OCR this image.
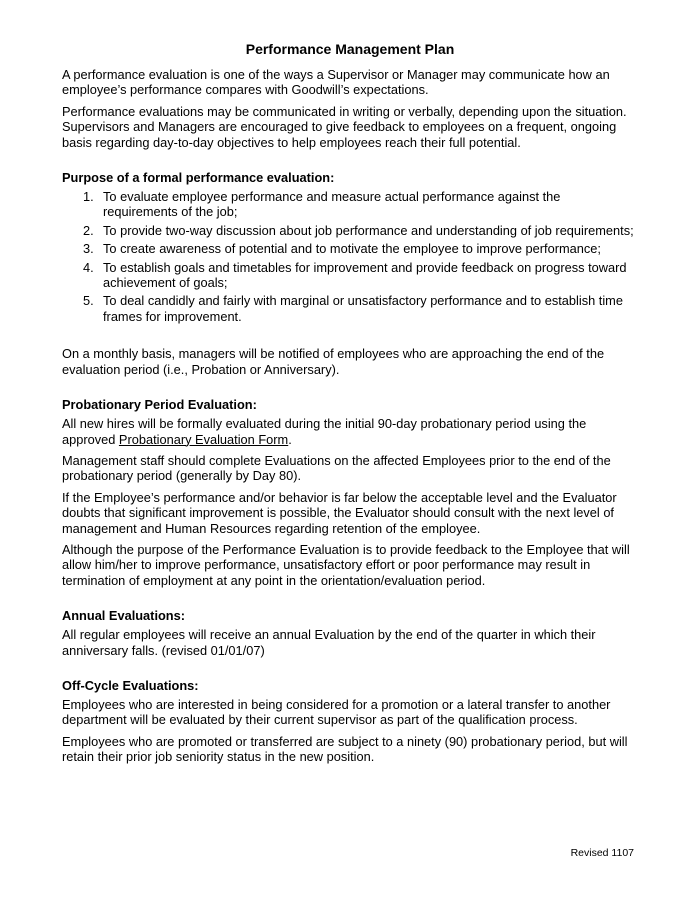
Performance Management Plan

A performance evaluation is one of the ways a Supervisor or Manager may communicate how an employee’s performance compares with Goodwill’s expectations.

Performance evaluations may be communicated in writing or verbally, depending upon the situation. Supervisors and Managers are encouraged to give feedback to employees on a frequent, ongoing basis regarding day-to-day objectives to help employees reach their full potential.

Purpose of a formal performance evaluation:
1. To evaluate employee performance and measure actual performance against the requirements of the job;
2. To provide two-way discussion about job performance and understanding of job requirements;
3. To create awareness of potential and to motivate the employee to improve performance;
4. To establish goals and timetables for improvement and provide feedback on progress toward achievement of goals;
5. To deal candidly and fairly with marginal or unsatisfactory performance and to establish time frames for improvement.

On a monthly basis, managers will be notified of employees who are approaching the end of the evaluation period (i.e., Probation or Anniversary).

Probationary Period Evaluation:

All new hires will be formally evaluated during the initial 90-day probationary period using the approved Probationary Evaluation Form.

Management staff should complete Evaluations on the affected Employees prior to the end of the probationary period (generally by Day 80).

If the Employee’s performance and/or behavior is far below the acceptable level and the Evaluator doubts that significant improvement is possible, the Evaluator should consult with the next level of management and Human Resources regarding retention of the employee.

Although the purpose of the Performance Evaluation is to provide feedback to the Employee that will allow him/her to improve performance, unsatisfactory effort or poor performance may result in termination of employment at any point in the orientation/evaluation period.

Annual Evaluations:

All regular employees will receive an annual Evaluation by the end of the quarter in which their anniversary falls. (revised 01/01/07)

Off-Cycle Evaluations:

Employees who are interested in being considered for a promotion or a lateral transfer to another department will be evaluated by their current supervisor as part of the qualification process.

Employees who are promoted or transferred are subject to a ninety (90) probationary period, but will retain their prior job seniority status in the new position.

Revised 1107
